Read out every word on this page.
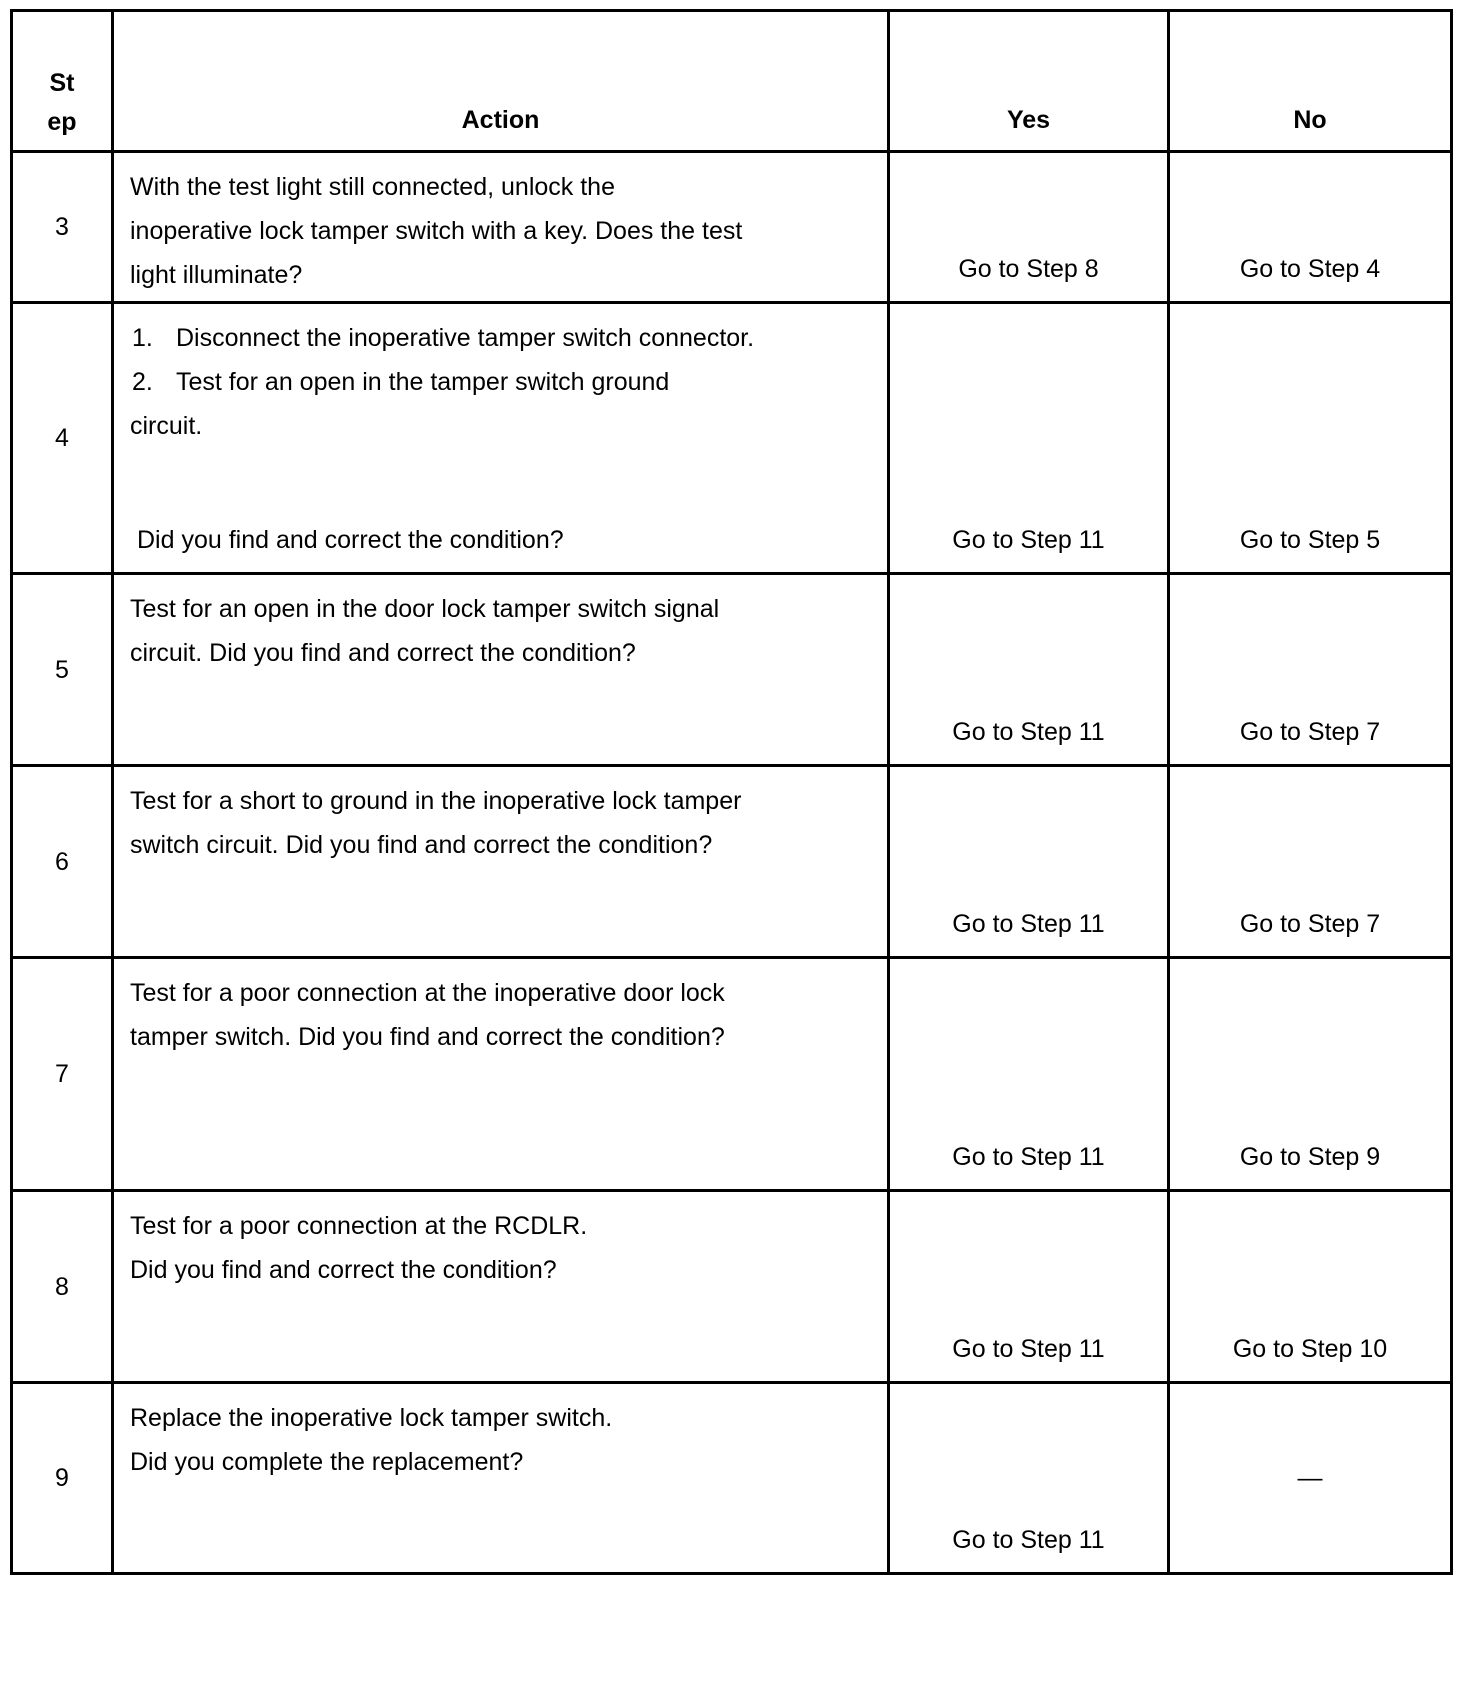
St
ep	Action	Yes	No

3	With the test light still connected, unlock the
inoperative lock tamper switch with a key. Does the test
light illuminate?	Go to Step 8	Go to Step 4

4	1. Disconnect the inoperative tamper switch connector.
2. Test for an open in the tamper switch ground
circuit.
Did you find and correct the condition?	Go to Step 11	Go to Step 5

5	Test for an open in the door lock tamper switch signal
circuit. Did you find and correct the condition?	Go to Step 11	Go to Step 7

6	Test for a short to ground in the inoperative lock tamper
switch circuit. Did you find and correct the condition?	Go to Step 11	Go to Step 7

7	Test for a poor connection at the inoperative door lock
tamper switch. Did you find and correct the condition?	Go to Step 11	Go to Step 9

8	Test for a poor connection at the RCDLR.
Did you find and correct the condition?	Go to Step 11	Go to Step 10

9	Replace the inoperative lock tamper switch.
Did you complete the replacement?	Go to Step 11	—
